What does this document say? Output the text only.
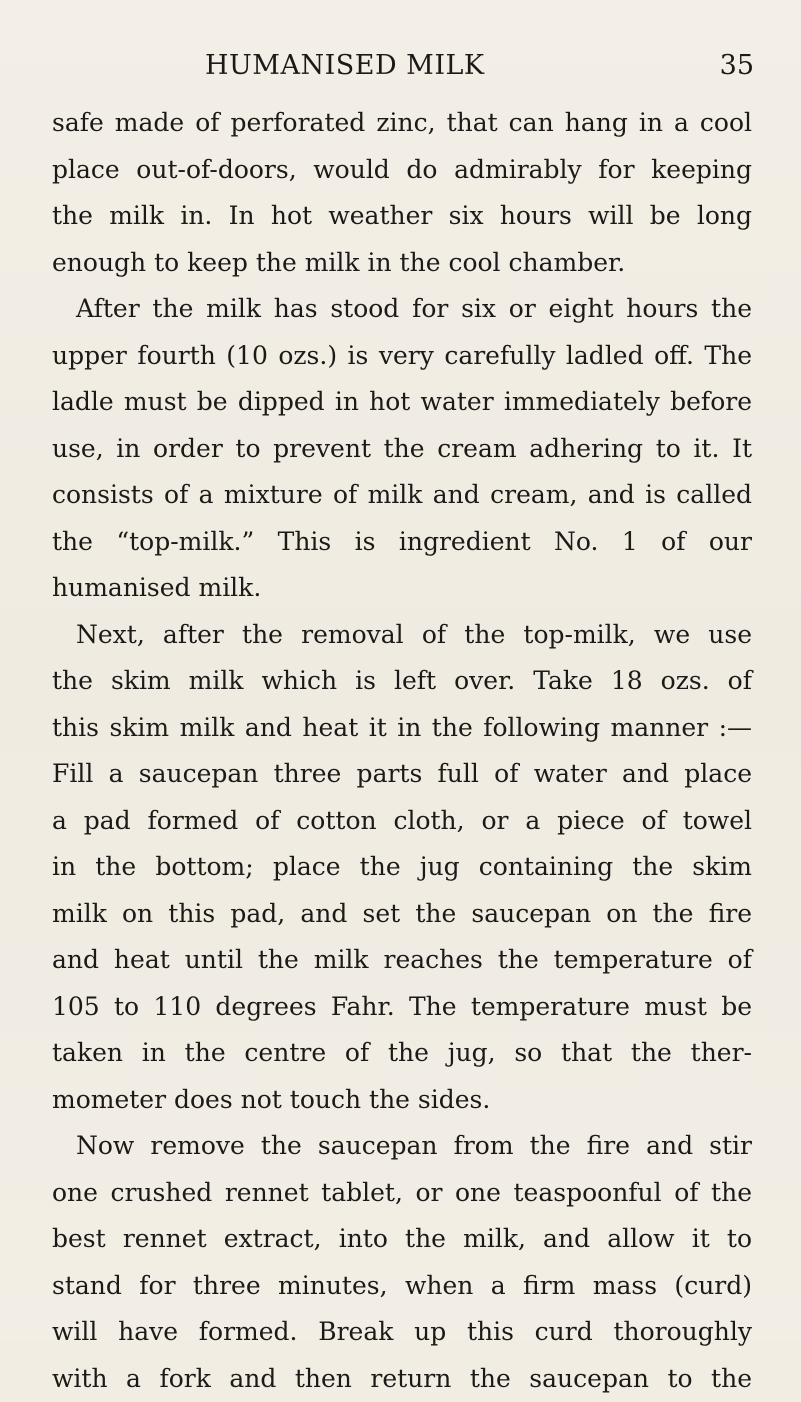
HUMANISED MILK	35
safe made of perforated zinc, that can hang in a cool
place out-of-doors, would do admirably for keeping
the milk in. In hot weather six hours will be long
enough to keep the milk in the cool chamber.
After the milk has stood for six or eight hours the
upper fourth (10 ozs.) is very carefully ladled off. The
ladle must be dipped in hot water immediately before
use, in order to prevent the cream adhering to it. It
consists of a mixture of milk and cream, and is called
the “top-milk.” This is ingredient No. 1 of our
humanised milk.
Next, after the removal of the top-milk, we use
the skim milk which is left over. Take 18 ozs. of
this skim milk and heat it in the following manner :—
Fill a saucepan three parts full of water and place
a pad formed of cotton cloth, or a piece of towel
in the bottom; place the jug containing the skim
milk on this pad, and set the saucepan on the fire
and heat until the milk reaches the temperature of
105 to 110 degrees Fahr. The temperature must be
taken in the centre of the jug, so that the ther-
mometer does not touch the sides.
Now remove the saucepan from the fire and stir
one crushed rennet tablet, or one teaspoonful of the
best rennet extract, into the milk, and allow it to
stand for three minutes, when a firm mass (curd)
will have formed. Break up this curd thoroughly
with a fork and then return the saucepan to the
